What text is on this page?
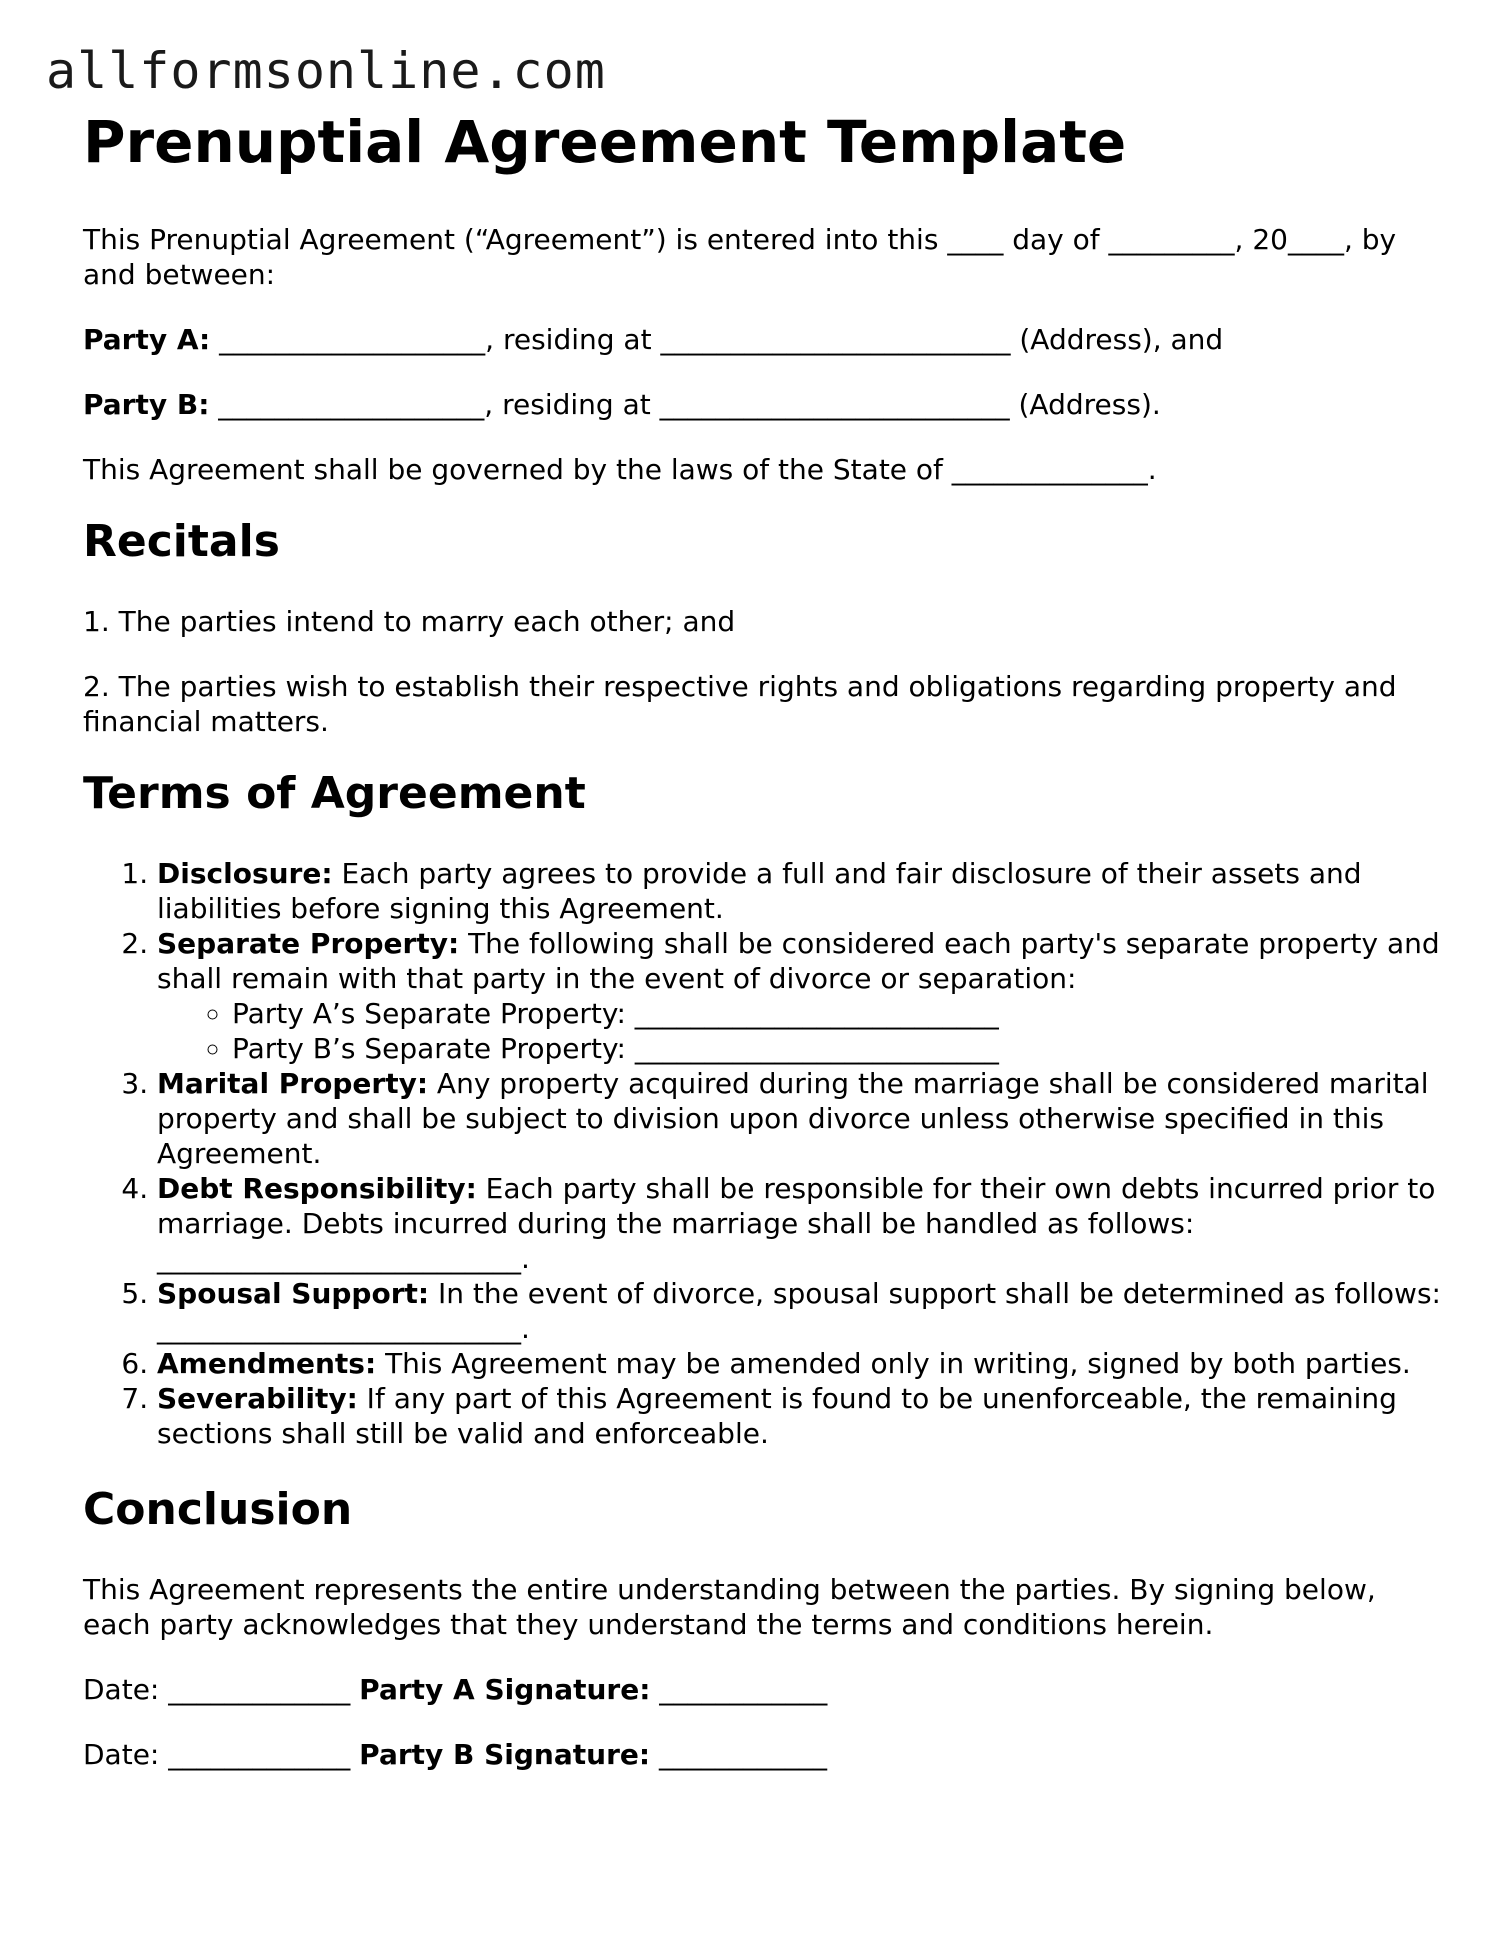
allformsonline.com
Prenuptial Agreement Template

This Prenuptial Agreement (“Agreement”) is entered into this ____ day of _________, 20____, by and between:

Party A: ___________________, residing at _________________________ (Address), and

Party B: ___________________, residing at _________________________ (Address).

This Agreement shall be governed by the laws of the State of ______________.

Recitals

1. The parties intend to marry each other; and

2. The parties wish to establish their respective rights and obligations regarding property and financial matters.

Terms of Agreement
1. Disclosure: Each party agrees to provide a full and fair disclosure of their assets and liabilities before signing this Agreement.
2. Separate Property: The following shall be considered each party's separate property and shall remain with that party in the event of divorce or separation:
◦ Party A’s Separate Property: __________________________
◦ Party B’s Separate Property: __________________________
3. Marital Property: Any property acquired during the marriage shall be considered marital property and shall be subject to division upon divorce unless otherwise specified in this Agreement.
4. Debt Responsibility: Each party shall be responsible for their own debts incurred prior to marriage. Debts incurred during the marriage shall be handled as follows: __________________________.
5. Spousal Support: In the event of divorce, spousal support shall be determined as follows: __________________________.
6. Amendments: This Agreement may be amended only in writing, signed by both parties.
7. Severability: If any part of this Agreement is found to be unenforceable, the remaining sections shall still be valid and enforceable.
Conclusion

This Agreement represents the entire understanding between the parties. By signing below, each party acknowledges that they understand the terms and conditions herein.

Date: _____________ Party A Signature: ____________

Date: _____________ Party B Signature: ____________
